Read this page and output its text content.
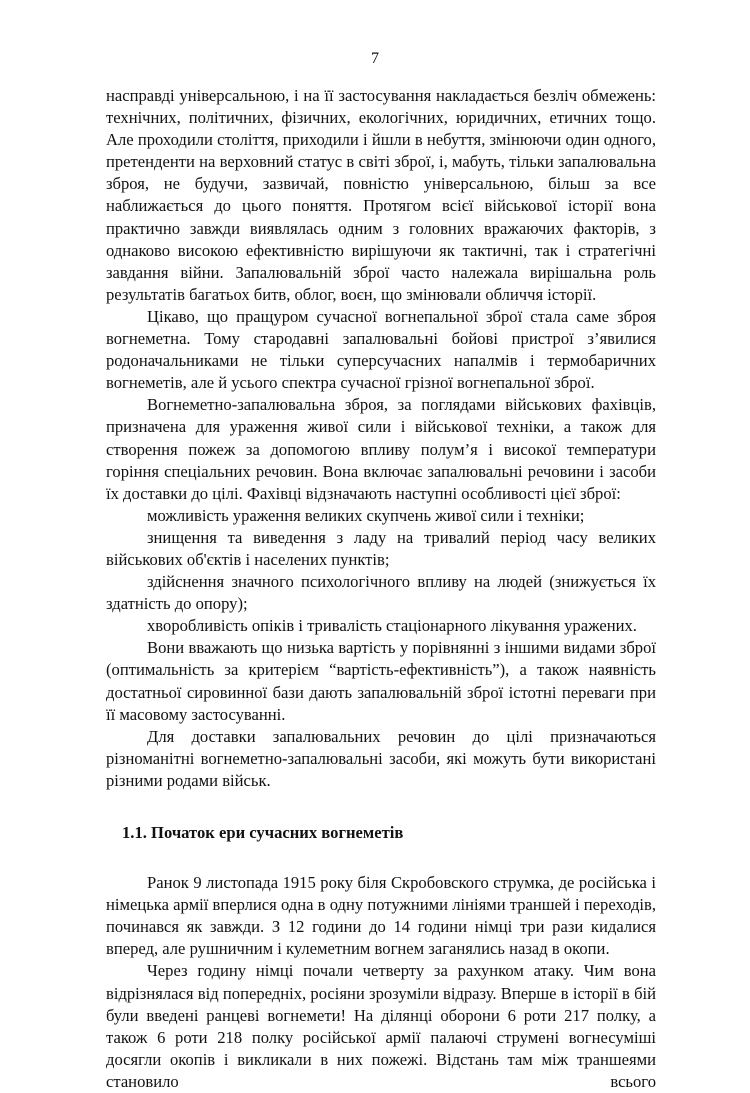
7

насправді універсальною, і на її застосування накладається безліч обмежень: технічних, політичних, фізичних, екологічних, юридичних, етичних тощо. Але проходили століття, приходили і йшли в небуття, змінюючи один одного, претенденти на верховний статус в світі зброї, і, мабуть, тільки запалювальна зброя, не будучи, зазвичай, повністю універсальною, більш за все наближається до цього поняття. Протягом всієї військової історії вона практично завжди виявлялась одним з головних вражаючих факторів, з однаково високою ефективністю вирішуючи як тактичні, так і стратегічні завдання війни. Запалювальній зброї часто належала вирішальна роль результатів багатьох битв, облог, воєн, що змінювали обличчя історії.

Цікаво, що пращуром сучасної вогнепальної зброї стала саме зброя вогнеметна. Тому стародавні запалювальні бойові пристрої з’явилися родоначальниками не тільки суперсучасних напалмів і термобаричних вогнеметів, але й усього спектра сучасної грізної вогнепальної зброї.

Вогнеметно-запалювальна зброя, за поглядами військових фахівців, призначена для ураження живої сили і військової техніки, а також для створення пожеж за допомогою впливу полум’я і високої температури горіння спеціальних речовин. Вона включає запалювальні речовини і засоби їх доставки до цілі. Фахівці відзначають наступні особливості цієї зброї:

можливість ураження великих скупчень живої сили і техніки;

знищення та виведення з ладу на тривалий період часу великих військових об'єктів і населених пунктів;

здійснення значного психологічного впливу на людей (знижується їх здатність до опору);

хворобливість опіків і тривалість стаціонарного лікування уражених.

Вони вважають що низька вартість у порівнянні з іншими видами зброї (оптимальність за критерієм “вартість-ефективність”), а також наявність достатньої сировинної бази дають запалювальній зброї істотні переваги при її масовому застосуванні.

Для доставки запалювальних речовин до цілі призначаються різноманітні вогнеметно-запалювальні засоби, які можуть бути використані різними родами військ.

1.1. Початок ери сучасних вогнеметів

Ранок 9 листопада 1915 року біля Скробовского струмка, де російська і німецька армії вперлися одна в одну потужними лініями траншей і переходів, починався як завжди. З 12 години до 14 години німці три рази кидалися вперед, але рушничним і кулеметним вогнем заганялись назад в окопи.

Через годину німці почали четверту за рахунком атаку. Чим вона відрізнялася від попередніх, росіяни зрозуміли відразу. Вперше в історії в бій були введені ранцеві вогнемети! На ділянці оборони 6 роти 217 полку, а також 6 роти 218 полку російської армії палаючі струмені вогнесуміші досягли окопів і викликали в них пожежі. Відстань там між траншеями становило всього
